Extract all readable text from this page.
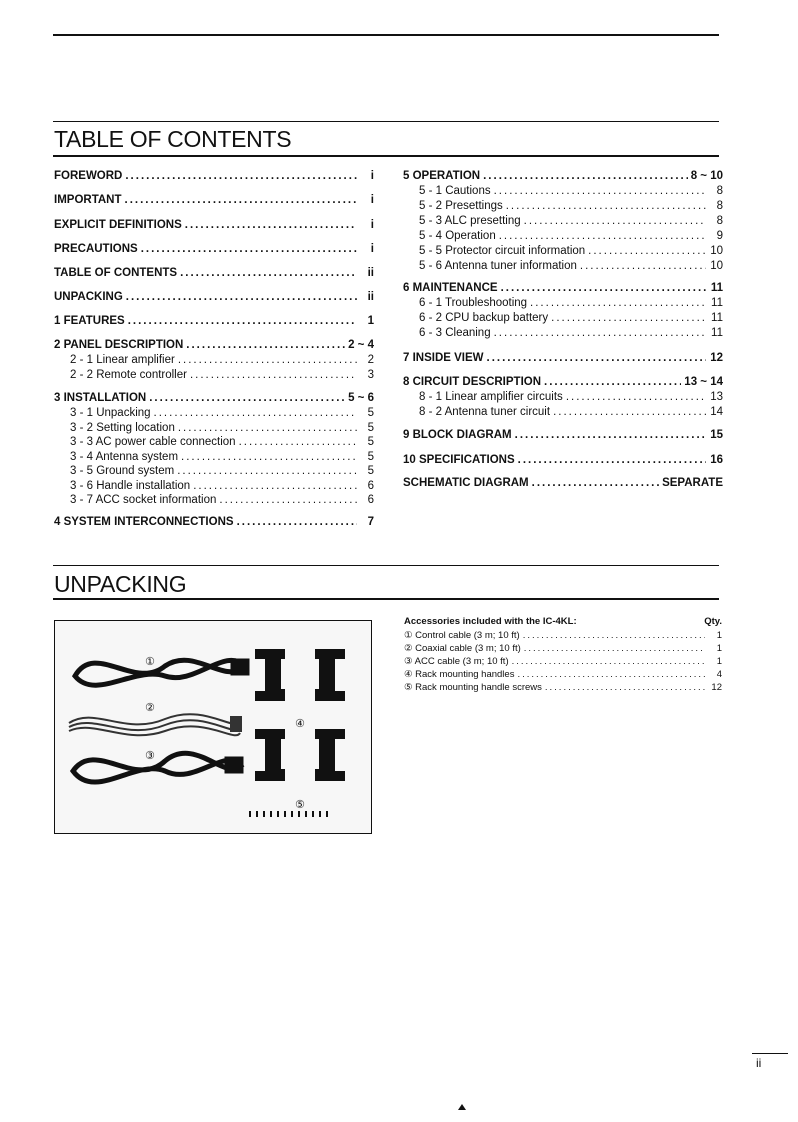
TABLE OF CONTENTS
UNPACKING
FOREWORD .....	i
IMPORTANT .....	i
EXPLICIT DEFINITIONS .....	i
PRECAUTIONS .....	i
TABLE OF CONTENTS .....	ii
UNPACKING .....	ii
1 FEATURES .....	1
2 PANEL DESCRIPTION .....	2 ~ 4
2 - 1 Linear amplifier .....	2
2 - 2 Remote controller .....	3
3 INSTALLATION .....	5 ~ 6
3 - 1 Unpacking .....	5
3 - 2 Setting location .....	5
3 - 3 AC power cable connection .....	5
3 - 4 Antenna system .....	5
3 - 5 Ground system .....	5
3 - 6 Handle installation .....	6
3 - 7 ACC socket information .....	6
4 SYSTEM INTERCONNECTIONS .....	7
5 OPERATION .....	8 ~ 10
5 - 1 Cautions .....	8
5 - 2 Presettings .....	8
5 - 3 ALC presetting .....	8
5 - 4 Operation .....	9
5 - 5 Protector circuit information .....	10
5 - 6 Antenna tuner information .....	10
6 MAINTENANCE .....	11
6 - 1 Troubleshooting .....	11
6 - 2 CPU backup battery .....	11
6 - 3 Cleaning .....	11
7 INSIDE VIEW .....	12
8 CIRCUIT DESCRIPTION .....	13 ~ 14
8 - 1 Linear amplifier circuits .....	13
8 - 2 Antenna tuner circuit .....	14
9 BLOCK DIAGRAM .....	15
10 SPECIFICATIONS .....	16
SCHEMATIC DIAGRAM .....	SEPARATE
①
②
③
④
⑤
Accessories included with the IC-4KL:	Qty.
① Control cable (3 m; 10 ft) .....	1
② Coaxial cable (3 m; 10 ft) .....	1
③ ACC cable (3 m; 10 ft) .....	1
④ Rack mounting handles .....	4
⑤ Rack mounting handle screws .....	12
ii
